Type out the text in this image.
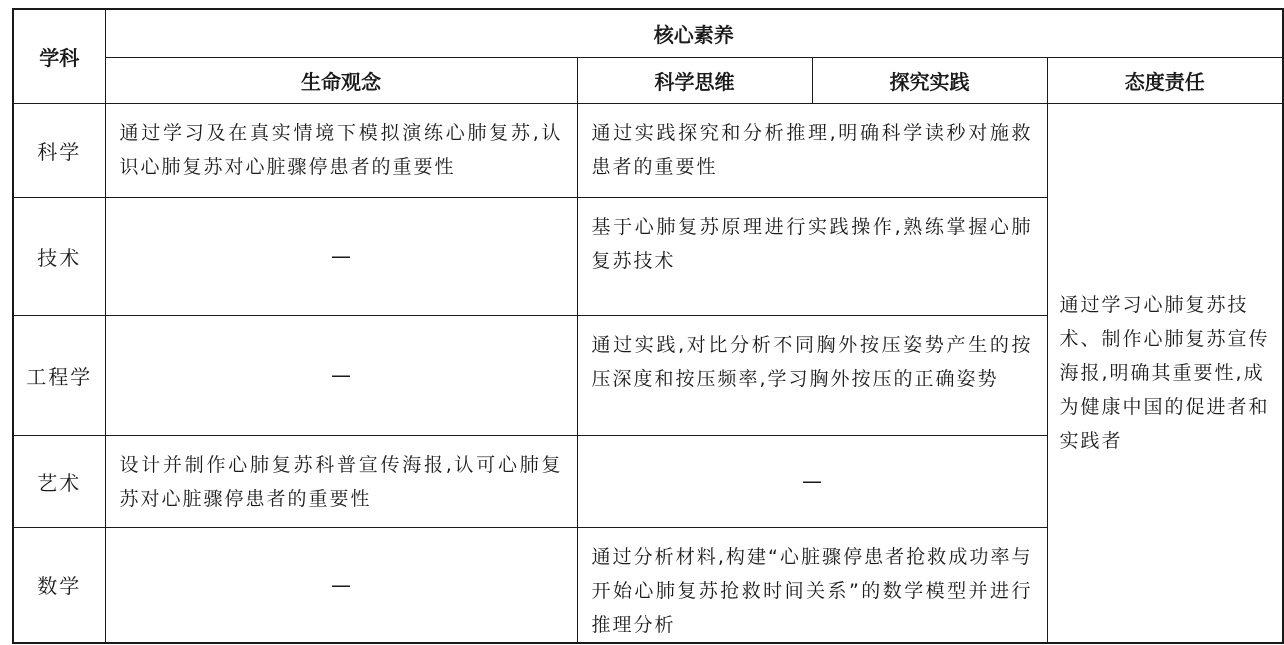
学科	核心素养			
	生命观念	科学思维	探究实践	态度责任
科学	通过学习及在真实情境下模拟演练心肺复苏,认识心肺复苏对心脏骤停患者的重要性	通过实践探究和分析推理,明确科学读秒对施救患者的重要性		通过学习心肺复苏技术、制作心肺复苏宣传海报,明确其重要性,成为健康中国的促进者和实践者
技术	—	基于心肺复苏原理进行实践操作,熟练掌握心肺复苏技术		
工程学	—	通过实践,对比分析不同胸外按压姿势产生的按压深度和按压频率,学习胸外按压的正确姿势		
艺术	设计并制作心肺复苏科普宣传海报,认可心肺复苏对心脏骤停患者的重要性	—		
数学	—	通过分析材料,构建“心脏骤停患者抢救成功率与开始心肺复苏抢救时间关系”的数学模型并进行推理分析		
